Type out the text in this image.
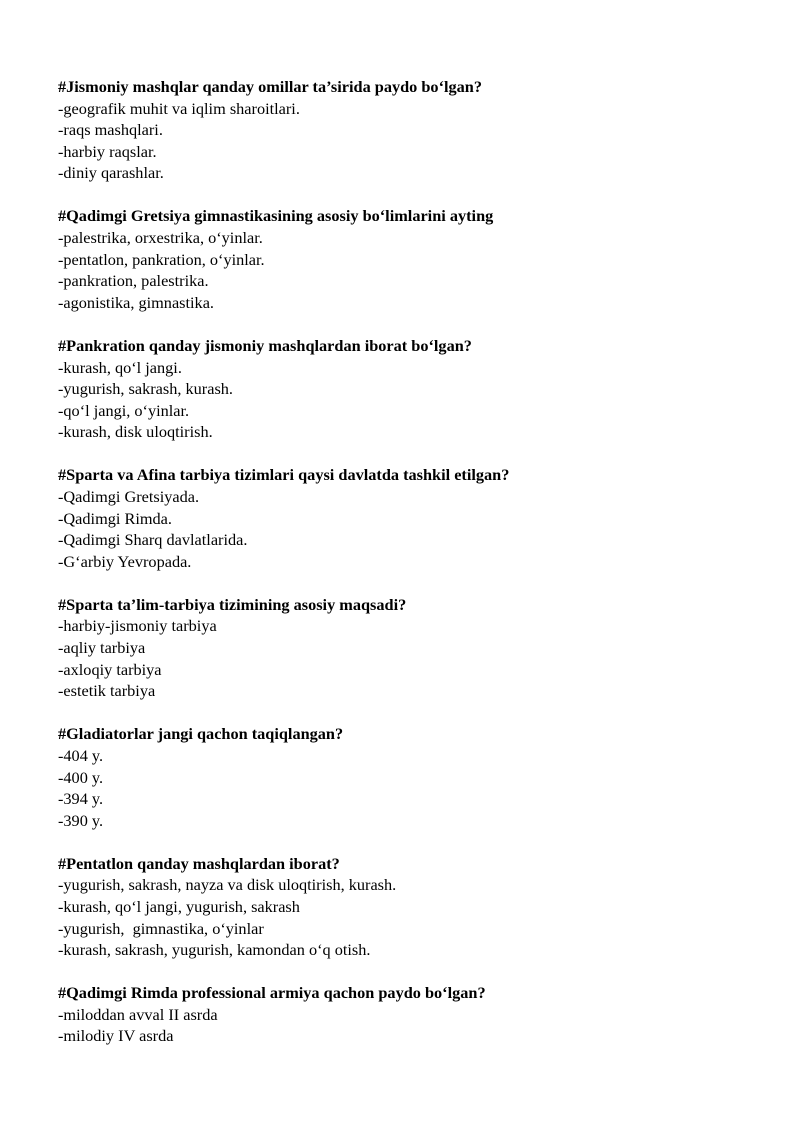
#Jismoniy mashqlar qanday omillar ta’sirida paydo bo‘lgan?

-geografik muhit va iqlim sharoitlari.

-raqs mashqlari.

-harbiy raqslar.

-diniy qarashlar.

#Qadimgi Gretsiya gimnastikasining asosiy bo‘limlarini ayting

-palestrika, orxestrika, o‘yinlar.

-pentatlon, pankration, o‘yinlar.

-pankration, palestrika.

-agonistika, gimnastika.

#Pankration qanday jismoniy mashqlardan iborat bo‘lgan?

-kurash, qo‘l jangi.

-yugurish, sakrash, kurash.

-qo‘l jangi, o‘yinlar.

-kurash, disk uloqtirish.

#Sparta va Afina tarbiya tizimlari qaysi davlatda tashkil etilgan?

-Qadimgi Gretsiyada.

-Qadimgi Rimda.

-Qadimgi Sharq davlatlarida.

-G‘arbiy Yevropada.

#Sparta ta’lim-tarbiya tizimining asosiy maqsadi?

-harbiy-jismoniy tarbiya

-aqliy tarbiya

-axloqiy tarbiya

-estetik tarbiya

#Gladiatorlar jangi qachon taqiqlangan?

-404 y.

-400 y.

-394 y.

-390 y.

#Pentatlon qanday mashqlardan iborat?

-yugurish, sakrash, nayza va disk uloqtirish, kurash.

-kurash, qo‘l jangi, yugurish, sakrash

-yugurish,  gimnastika, o‘yinlar

-kurash, sakrash, yugurish, kamondan o‘q otish.

#Qadimgi Rimda professional armiya qachon paydo bo‘lgan?

-miloddan avval II asrda

-milodiy IV asrda
